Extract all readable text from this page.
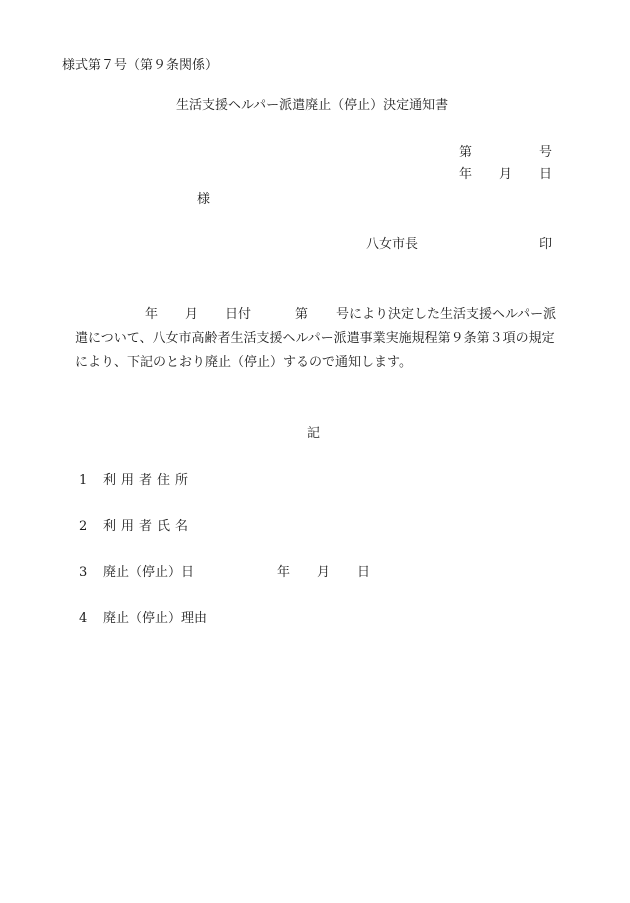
様式第７号（第９条関係）
生活支援ヘルパー派遣廃止（停止）決定通知書
第	号
年 月 日
様
八女市長	印
年 月 日付	第 号により決定した生活支援ヘルパー派
遣について、八女市高齢者生活支援ヘルパー派遣事業実施規程第９条第３項の規定
により、下記のとおり廃止（停止）するので通知します。
記
1 利用者住所
2 利用者氏名
3 廃止（停止）日	年 月 日
4 廃止（停止）理由
